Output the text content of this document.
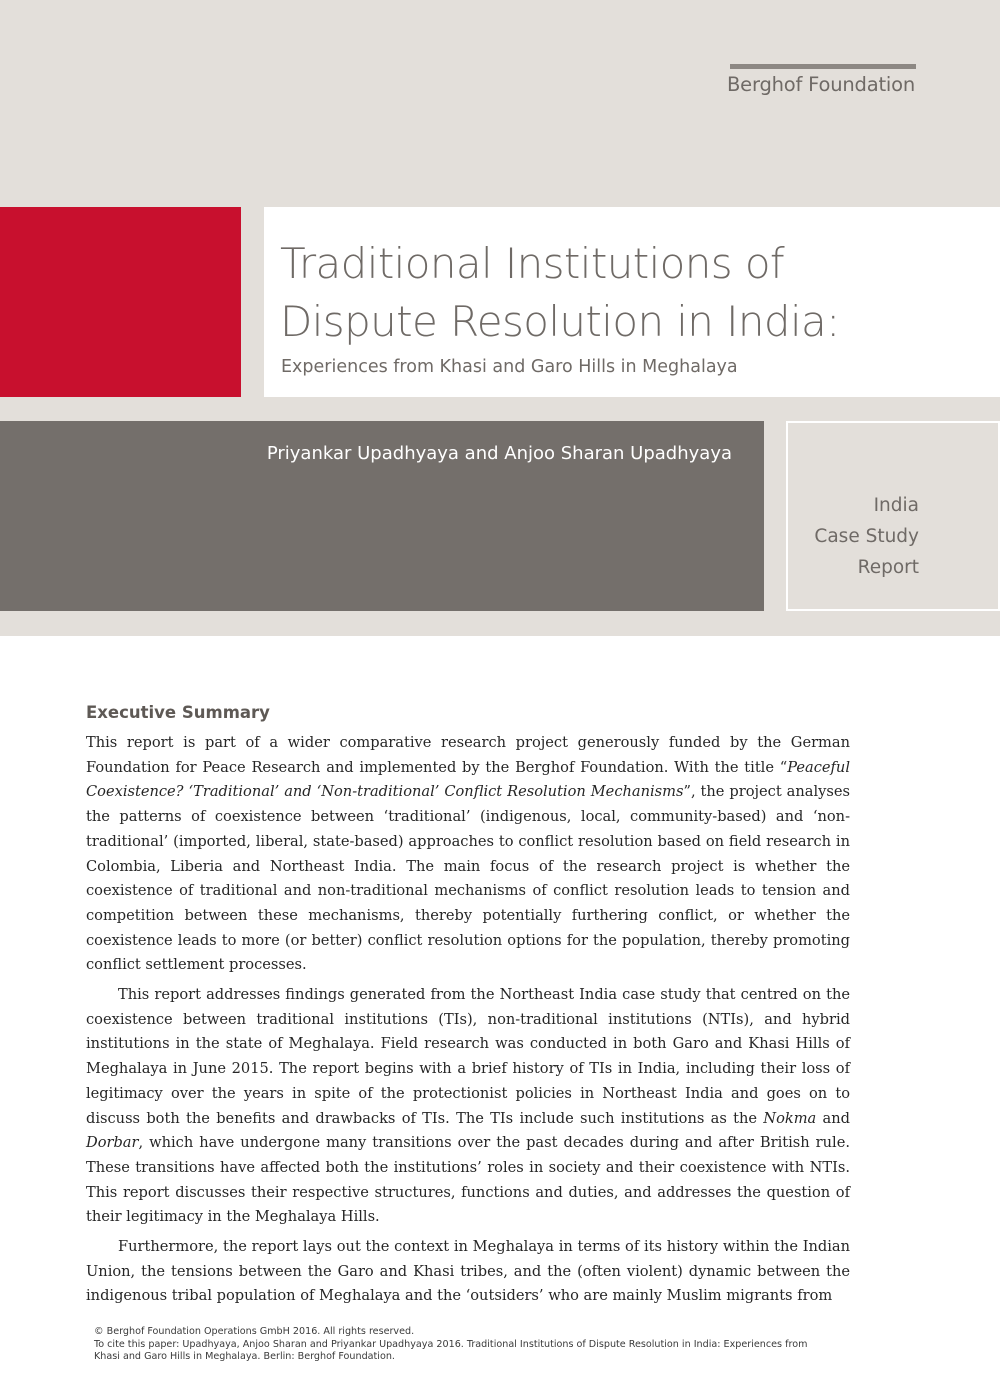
Berghof Foundation
Traditional Institutions of
Dispute Resolution in India:
Experiences from Khasi and Garo Hills in Meghalaya
Priyankar Upadhyaya and Anjoo Sharan Upadhyaya
India
Case Study
Report
Executive Summary

This report is part of a wider comparative research project generously funded by the German Foundation for Peace Research and implemented by the Berghof Foundation. With the title “Peaceful Coexistence? ‘Traditional’ and ‘Non-traditional’ Conflict Resolution Mechanisms”, the project analyses the patterns of coexistence between ‘traditional’ (indigenous, local, community-based) and ‘non-traditional’ (imported, liberal, state-based) approaches to conflict resolution based on field research in Colombia, Liberia and Northeast India. The main focus of the research project is whether the coexistence of traditional and non-traditional mechanisms of conflict resolution leads to tension and competition between these mechanisms, thereby potentially furthering conflict, or whether the coexistence leads to more (or better) conflict resolution options for the population, thereby promoting conflict settlement processes.

This report addresses findings generated from the Northeast India case study that centred on the coexistence between traditional institutions (TIs), non-traditional institutions (NTIs), and hybrid institutions in the state of Meghalaya. Field research was conducted in both Garo and Khasi Hills of Meghalaya in June 2015. The report begins with a brief history of TIs in India, including their loss of legitimacy over the years in spite of the protectionist policies in Northeast India and goes on to discuss both the benefits and drawbacks of TIs. The TIs include such institutions as the Nokma and Dorbar, which have undergone many transitions over the past decades during and after British rule. These transitions have affected both the institutions’ roles in society and their coexistence with NTIs. This report discusses their respective structures, functions and duties, and addresses the question of their legitimacy in the Meghalaya Hills.

Furthermore, the report lays out the context in Meghalaya in terms of its history within the Indian Union, the tensions between the Garo and Khasi tribes, and the (often violent) dynamic between the indigenous tribal population of Meghalaya and the ‘outsiders’ who are mainly Muslim migrants from

© Berghof Foundation Operations GmbH 2016. All rights reserved.
To cite this paper: Upadhyaya, Anjoo Sharan and Priyankar Upadhyaya 2016. Traditional Institutions of Dispute Resolution in India: Experiences from
Khasi and Garo Hills in Meghalaya. Berlin: Berghof Foundation.
